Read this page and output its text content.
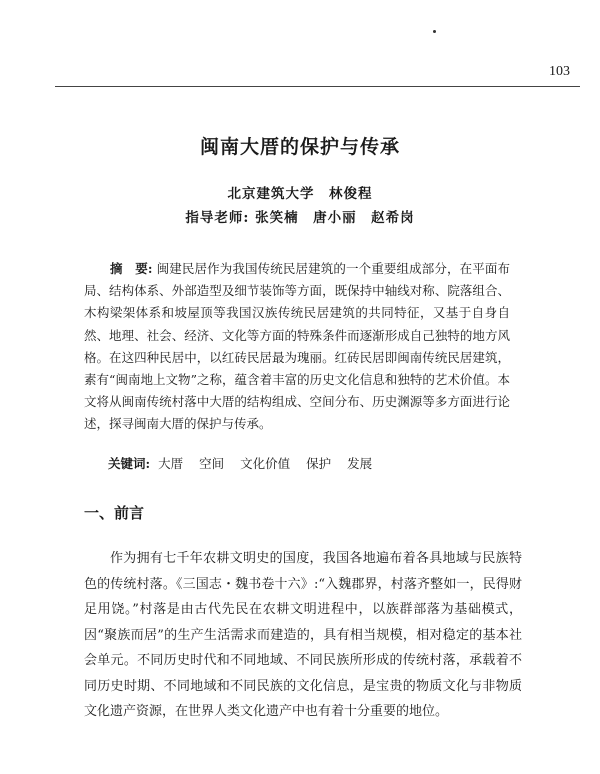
103
闽南大厝的保护与传承
北京建筑大学　林俊程
指导老师: 张笑楠　唐小丽　赵希岗
摘　要: 闽建民居作为我国传统民居建筑的一个重要组成部分，在平面布局、结构体系、外部造型及细节装饰等方面，既保持中轴线对称、院落组合、木构梁架体系和坡屋顶等我国汉族传统民居建筑的共同特征，又基于自身自然、地理、社会、经济、文化等方面的特殊条件而逐渐形成自己独特的地方风格。在这四种民居中，以红砖民居最为瑰丽。红砖民居即闽南传统民居建筑，素有“闽南地上文物”之称，蕴含着丰富的历史文化信息和独特的艺术价值。本文将从闽南传统村落中大厝的结构组成、空间分布、历史渊源等多方面进行论述，探寻闽南大厝的保护与传承。
关键词: 大厝 空间 文化价值 保护 发展
一、前言
作为拥有七千年农耕文明史的国度，我国各地遍布着各具地域与民族特色的传统村落。《三国志・魏书卷十六》:“入魏郡界，村落齐整如一，民得财足用饶。”村落是由古代先民在农耕文明进程中，以族群部落为基础模式，因“聚族而居”的生产生活需求而建造的，具有相当规模，相对稳定的基本社会单元。不同历史时代和不同地域、不同民族所形成的传统村落，承载着不同历史时期、不同地域和不同民族的文化信息，是宝贵的物质文化与非物质文化遗产资源，在世界人类文化遗产中也有着十分重要的地位。
